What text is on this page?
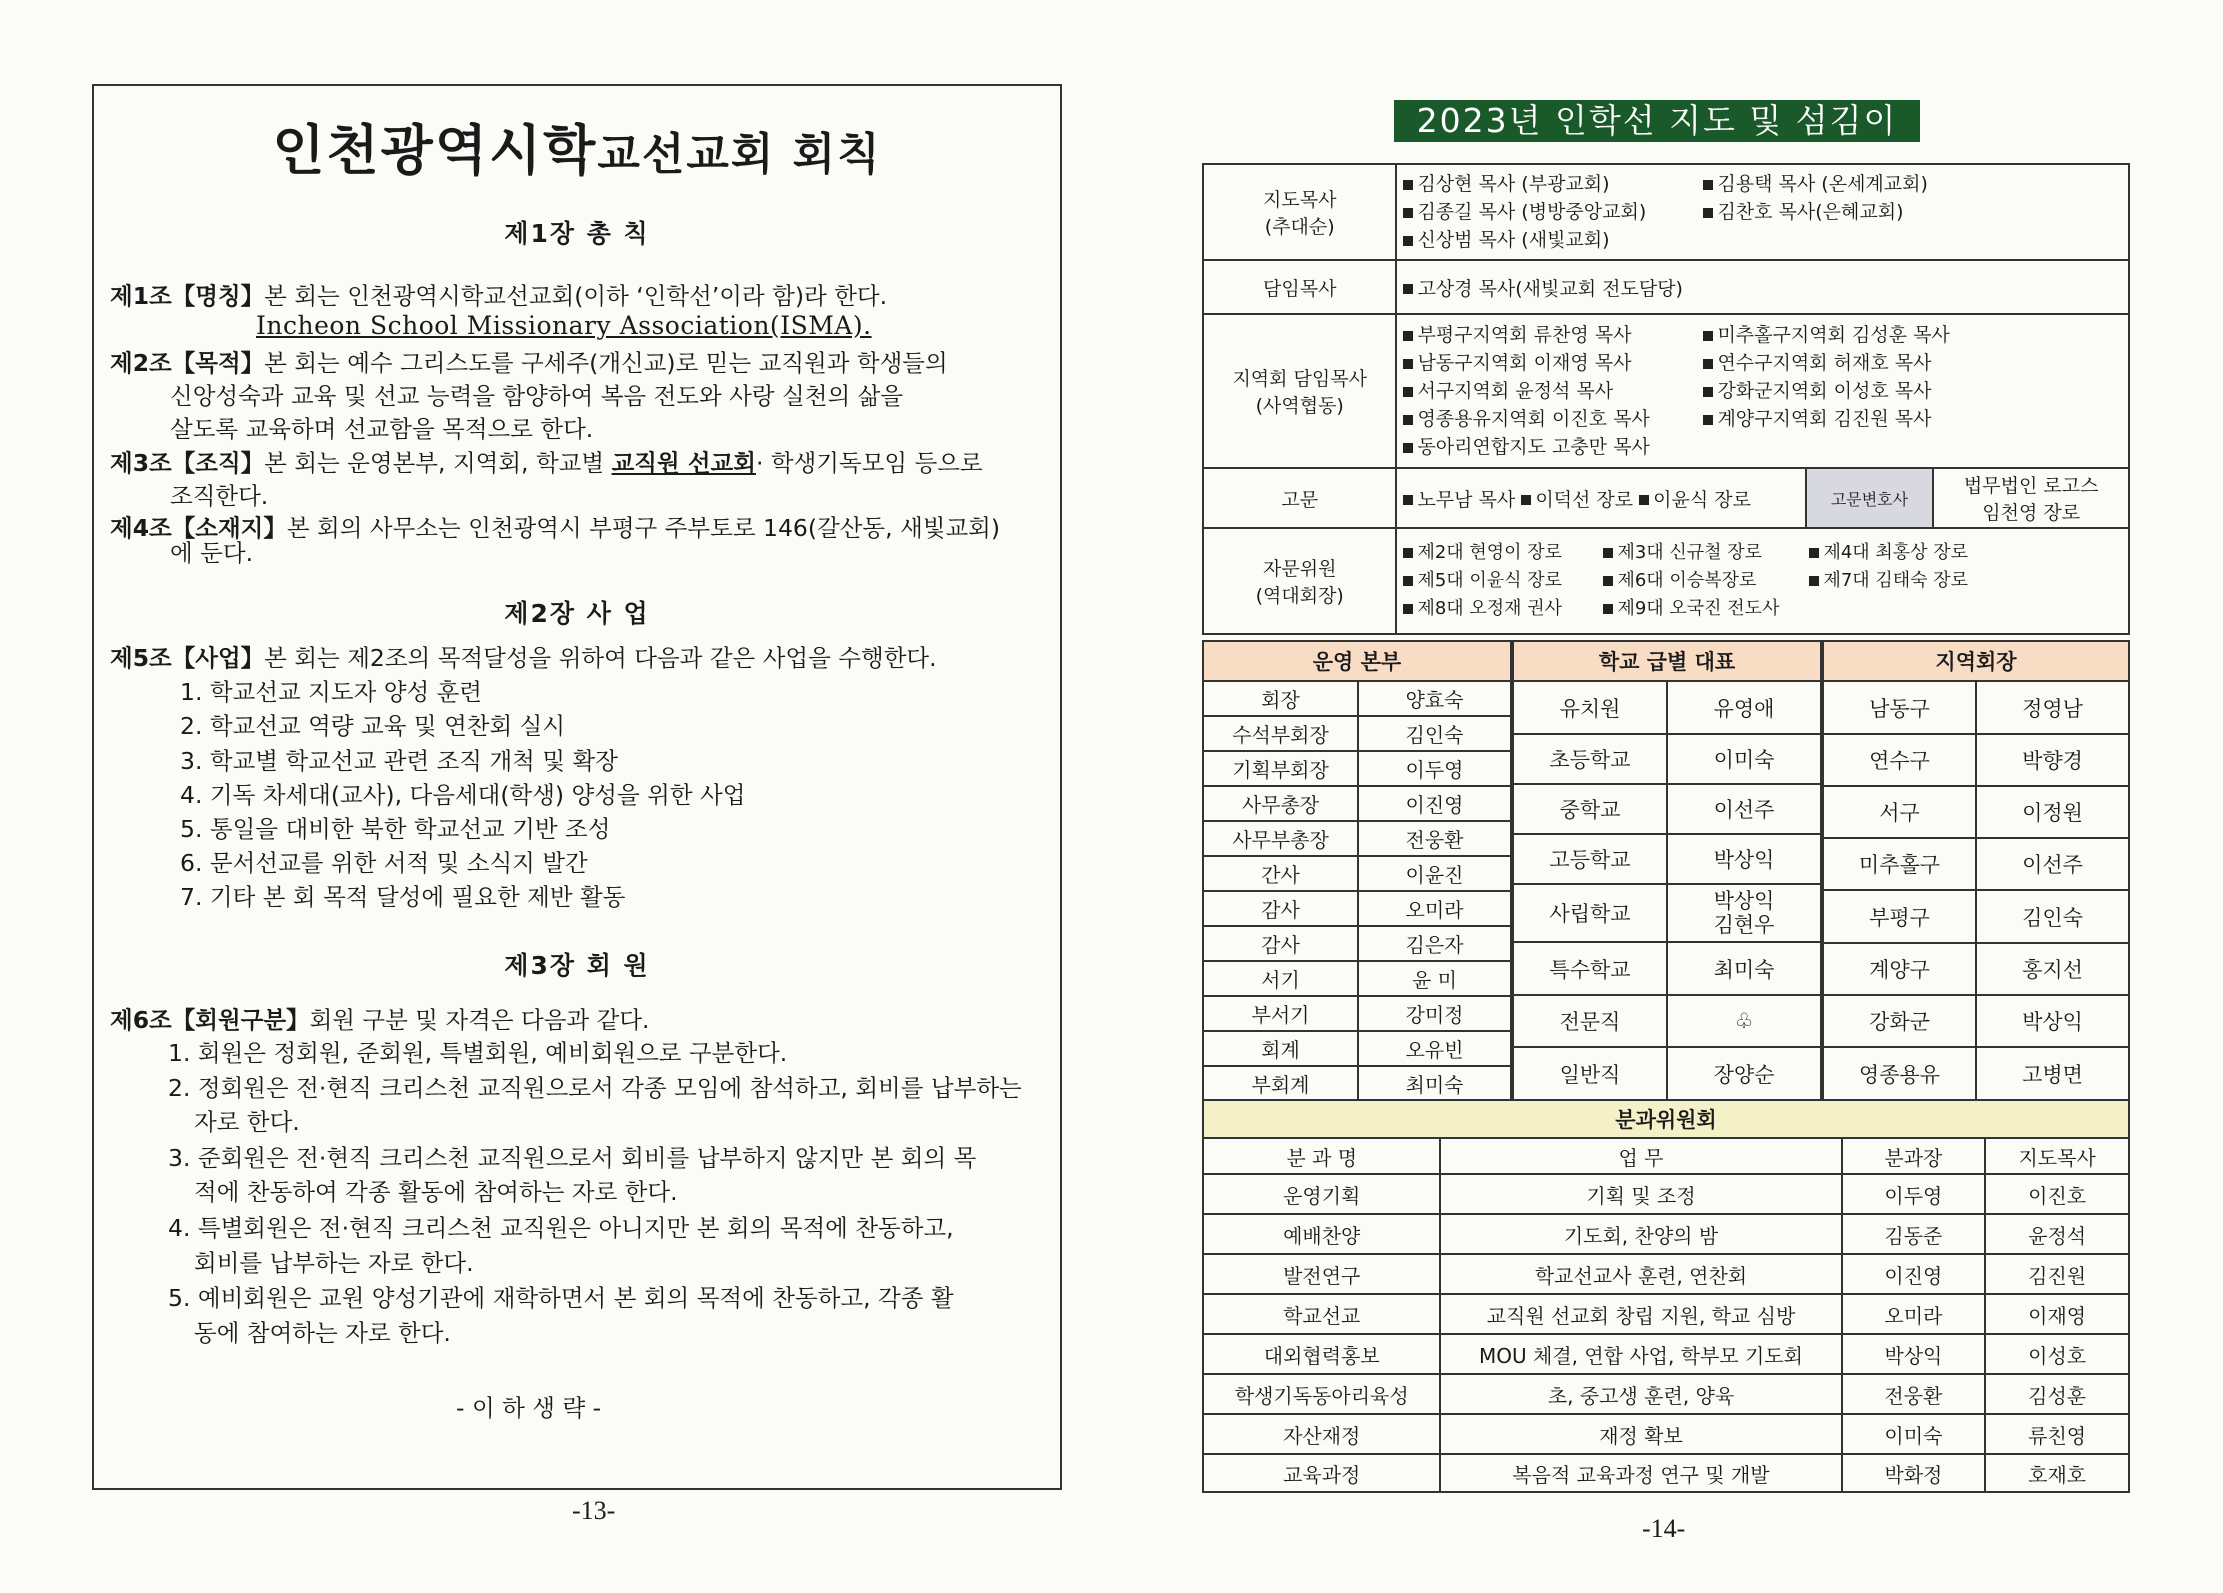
인천광역시학교선교회 회칙
제1장 총 칙
제1조【명칭】본 회는 인천광역시학교선교회(이하 ‘인학선’이라 함)라 한다.
Incheon School Missionary Association(ISMA).
제2조【목적】본 회는 예수 그리스도를 구세주(개신교)로 믿는 교직원과 학생들의
신앙성숙과 교육 및 선교 능력을 함양하여 복음 전도와 사랑 실천의 삶을
살도록 교육하며 선교함을 목적으로 한다.
제3조【조직】본 회는 운영본부, 지역회, 학교별 교직원 선교회· 학생기독모임 등으로
조직한다.
제4조【소재지】본 회의 사무소는 인천광역시 부평구 주부토로 146(갈산동, 새빛교회)
에 둔다.
제2장 사 업
제5조【사업】본 회는 제2조의 목적달성을 위하여 다음과 같은 사업을 수행한다.
1. 학교선교 지도자 양성 훈련
2. 학교선교 역량 교육 및 연찬회 실시
3. 학교별 학교선교 관련 조직 개척 및 확장
4. 기독 차세대(교사), 다음세대(학생) 양성을 위한 사업
5. 통일을 대비한 북한 학교선교 기반 조성
6. 문서선교를 위한 서적 및 소식지 발간
7. 기타 본 회 목적 달성에 필요한 제반 활동
제3장 회 원
제6조【회원구분】회원 구분 및 자격은 다음과 같다.
1. 회원은 정회원, 준회원, 특별회원, 예비회원으로 구분한다.
2. 정회원은 전·현직 크리스천 교직원으로서 각종 모임에 참석하고, 회비를 납부하는
자로 한다.
3. 준회원은 전·현직 크리스천 교직원으로서 회비를 납부하지 않지만 본 회의 목
적에 찬동하여 각종 활동에 참여하는 자로 한다.
4. 특별회원은 전·현직 크리스천 교직원은 아니지만 본 회의 목적에 찬동하고,
회비를 납부하는 자로 한다.
5. 예비회원은 교원 양성기관에 재학하면서 본 회의 목적에 찬동하고, 각종 활
동에 참여하는 자로 한다.
- 이 하 생 략 -
-13-
2023년 인학선 지도 및 섬김이
지도목사
(추대순)	김상현 목사 (부광교회) 김용택 목사 (온세계교회)
김종길 목사 (병방중앙교회) 김찬호 목사(은혜교회)
신상범 목사 (새빛교회)		
담임목사	고상경 목사(새빛교회 전도담당)		
지역회 담임목사
(사역협동)	부평구지역회 류찬영 목사 미추홀구지역회 김성훈 목사
남동구지역회 이재영 목사 연수구지역회 허재호 목사
서구지역회 윤정석 목사 강화군지역회 이성호 목사
영종용유지역회 이진호 목사 계양구지역회 김진원 목사
동아리연합지도 고충만 목사		
고문	노무남 목사 이덕선 장로 이윤식 장로	고문변호사	법무법인 로고스
임천영 장로
자문위원
(역대회장)	제2대 현영이 장로 제3대 신규철 장로 제4대 최홍상 장로
제5대 이윤식 장로 제6대 이승복장로 제7대 김태숙 장로
제8대 오정재 권사 제9대 오국진 전도사		
운영 본부	
회장	양효숙
수석부회장	김인숙
기획부회장	이두영
사무총장	이진영
사무부총장	전웅환
간사	이윤진
감사	오미라
감사	김은자
서기	윤 미
부서기	강미정
회계	오유빈
부회계	최미숙
학교 급별 대표	
유치원	유영애
초등학교	이미숙
중학교	이선주
고등학교	박상익
사립학교	박상익
김현우
특수학교	최미숙
전문직	♧
일반직	장양순
지역회장	
남동구	정영남
연수구	박향경
서구	이정원
미추홀구	이선주
부평구	김인숙
계양구	홍지선
강화군	박상익
영종용유	고병면
분과위원회			
분 과 명	업 무	분과장	지도목사
운영기획	기획 및 조정	이두영	이진호
예배찬양	기도회, 찬양의 밤	김동준	윤정석
발전연구	학교선교사 훈련, 연찬회	이진영	김진원
학교선교	교직원 선교회 창립 지원, 학교 심방	오미라	이재영
대외협력홍보	MOU 체결, 연합 사업, 학부모 기도회	박상익	이성호
학생기독동아리육성	초, 중고생 훈련, 양육	전웅환	김성훈
자산재정	재정 확보	이미숙	류친영
교육과정	복음적 교육과정 연구 및 개발	박화정	호재호
-14-
